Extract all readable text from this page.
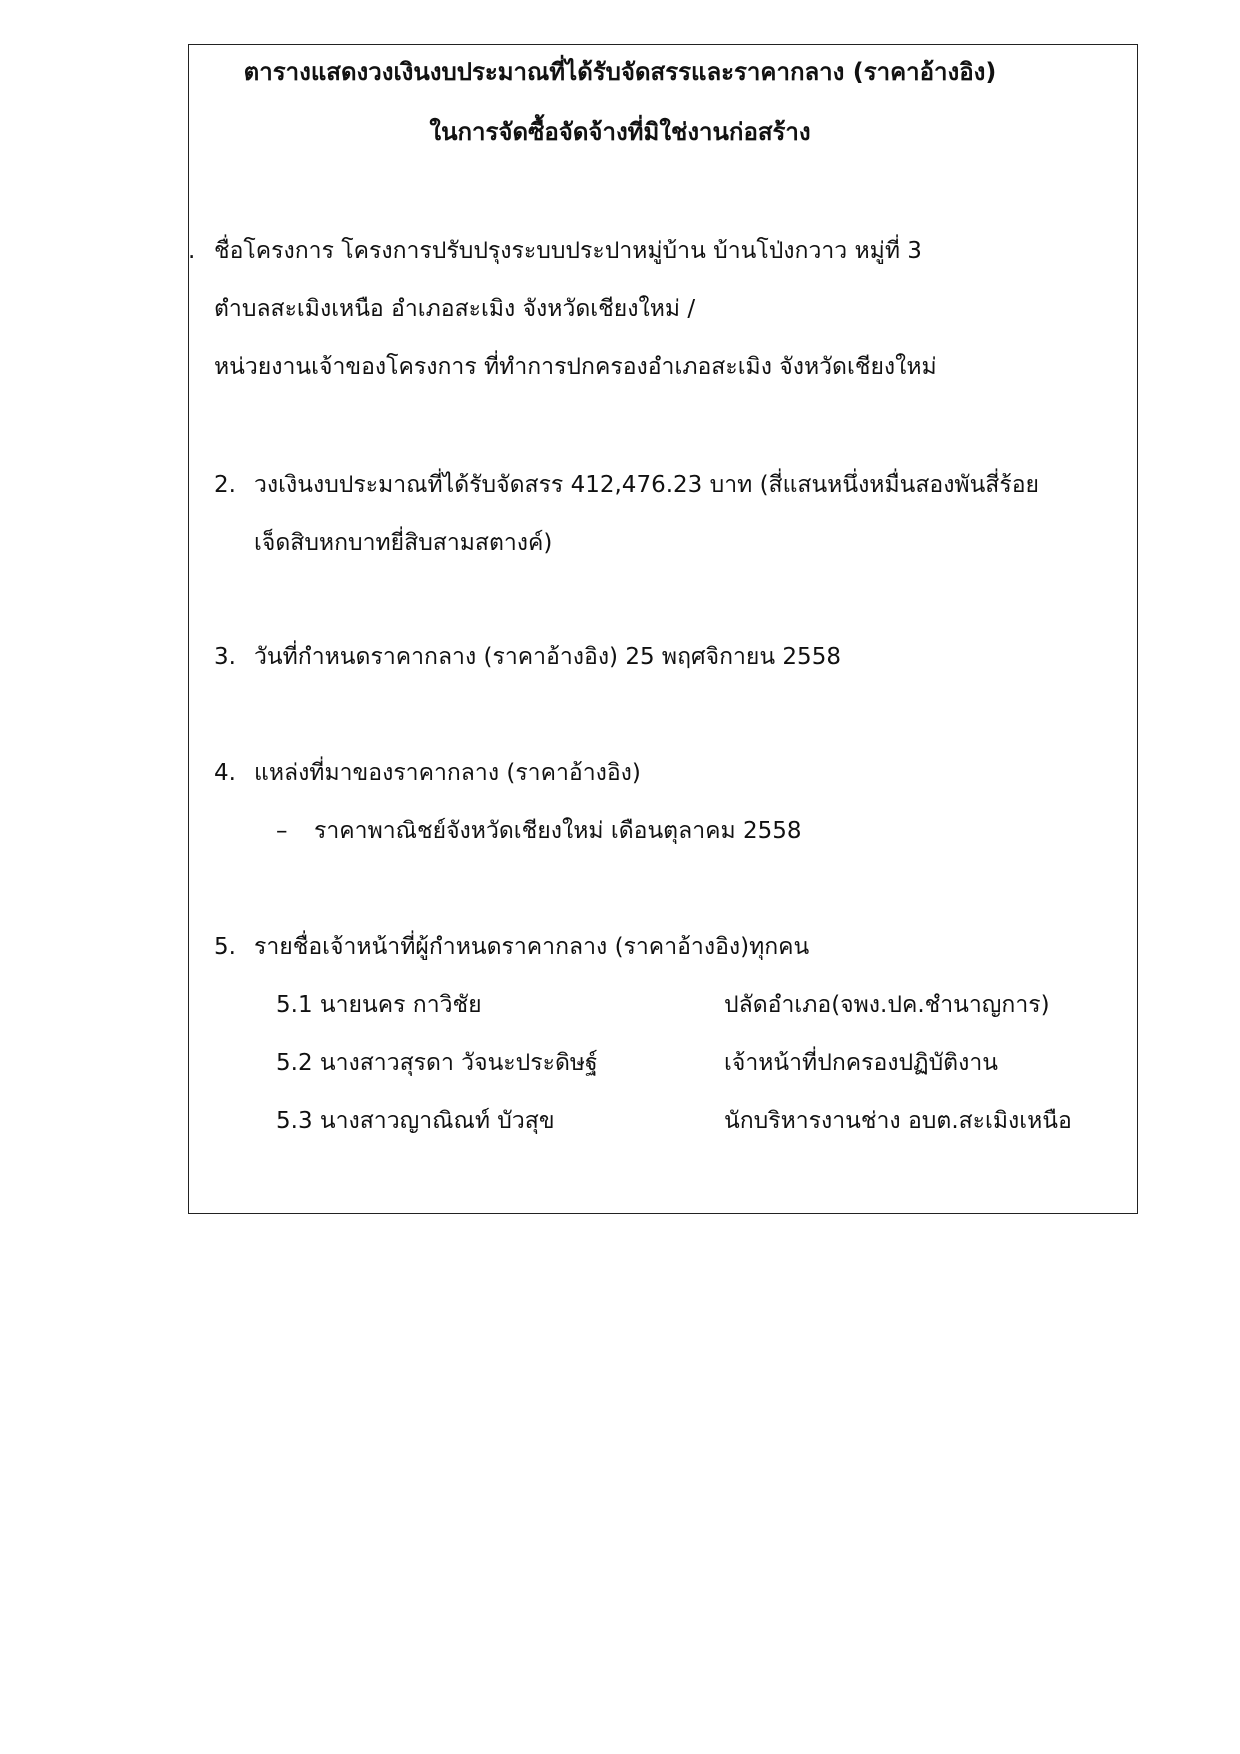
ตารางแสดงวงเงินงบประมาณที่ได้รับจัดสรรและราคากลาง (ราคาอ้างอิง)
ในการจัดซื้อจัดจ้างที่มิใช่งานก่อสร้าง
. ชื่อโครงการ โครงการปรับปรุงระบบประปาหมู่บ้าน บ้านโป่งกวาว หมู่ที่ 3
ตำบลสะเมิงเหนือ อำเภอสะเมิง จังหวัดเชียงใหม่ /
หน่วยงานเจ้าของโครงการ ที่ทำการปกครองอำเภอสะเมิง จังหวัดเชียงใหม่
2. วงเงินงบประมาณที่ได้รับจัดสรร 412,476.23 บาท (สี่แสนหนึ่งหมื่นสองพันสี่ร้อย
เจ็ดสิบหกบาทยี่สิบสามสตางค์)
3. วันที่กำหนดราคากลาง (ราคาอ้างอิง) 25 พฤศจิกายน 2558
4. แหล่งที่มาของราคากลาง (ราคาอ้างอิง)
– ราคาพาณิชย์จังหวัดเชียงใหม่ เดือนตุลาคม 2558
5. รายชื่อเจ้าหน้าที่ผู้กำหนดราคากลาง (ราคาอ้างอิง)ทุกคน
5.1 นายนคร กาวิชัย	ปลัดอำเภอ(จพง.ปค.ชำนาญการ)
5.2 นางสาวสุรดา วัจนะประดิษฐ์	เจ้าหน้าที่ปกครองปฏิบัติงาน
5.3 นางสาวญาณิณท์ บัวสุข	นักบริหารงานช่าง อบต.สะเมิงเหนือ
